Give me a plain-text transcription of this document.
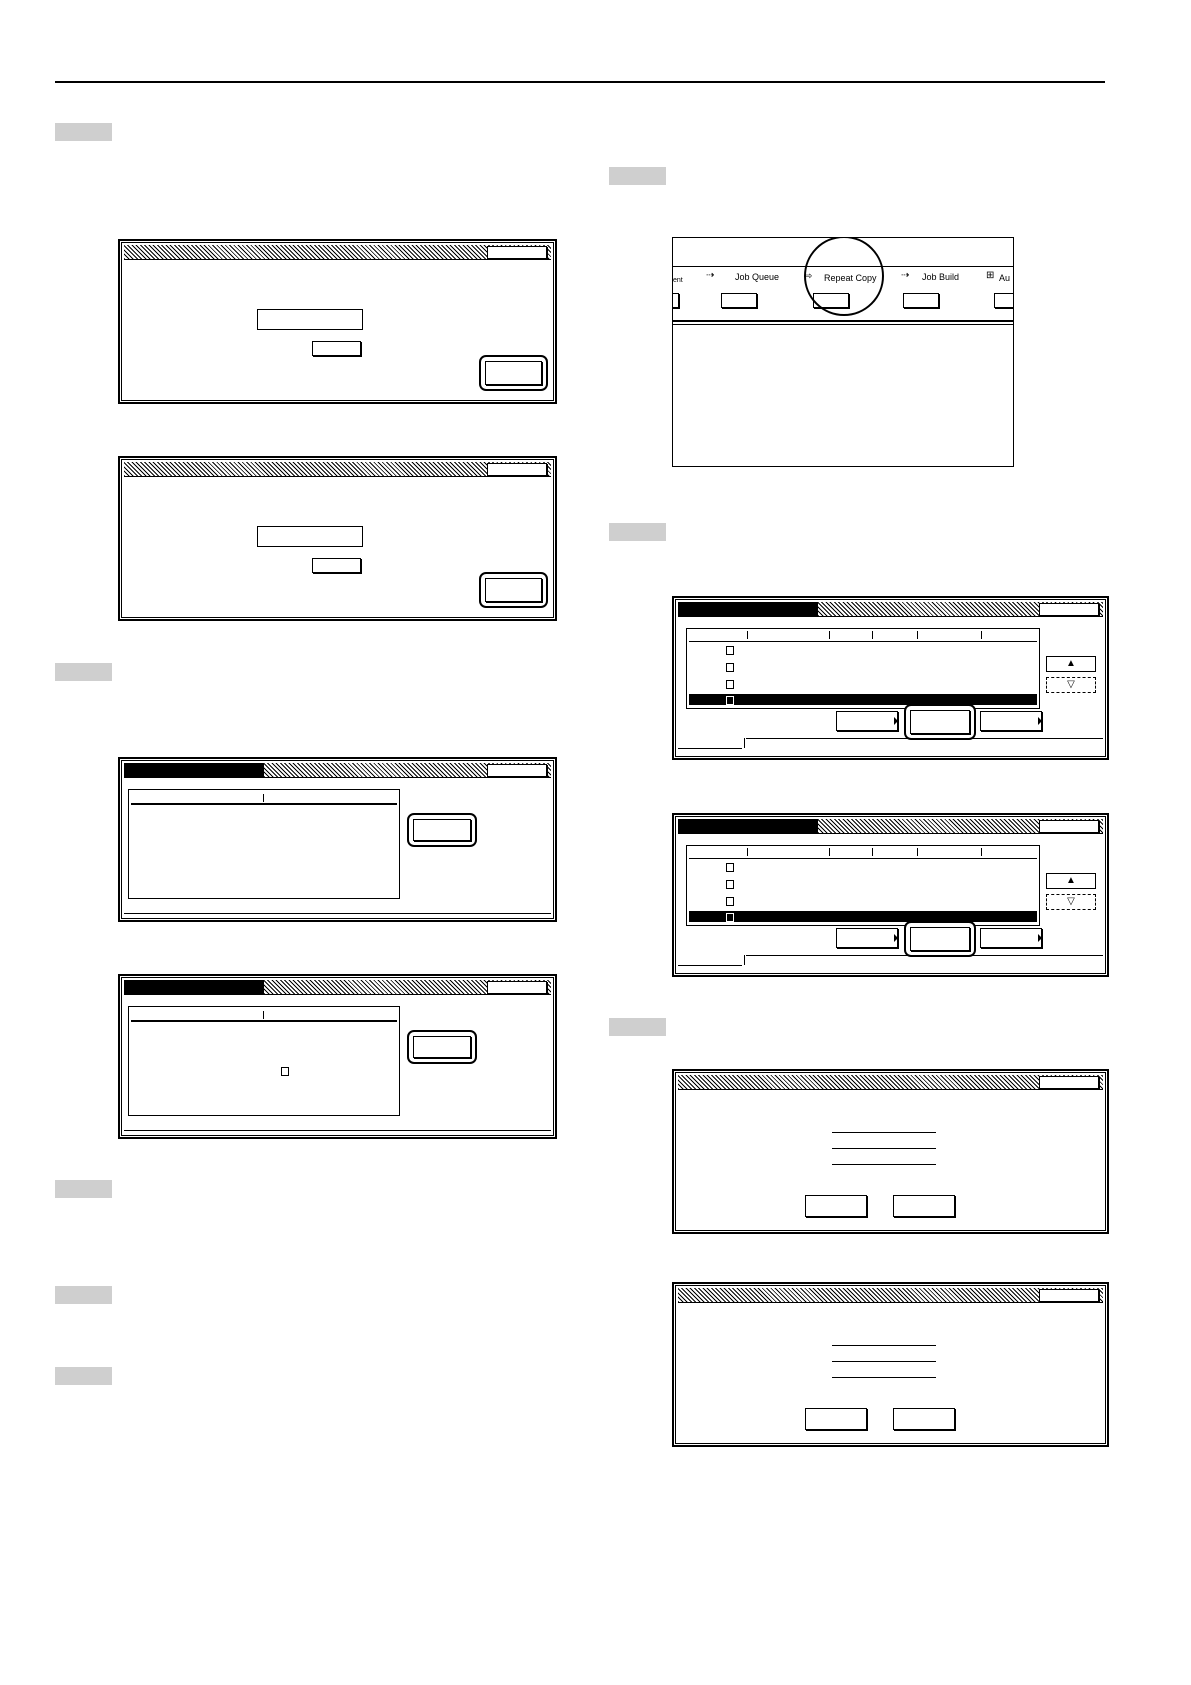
ent ⇢ Job Queue ⇨ Repeat Copy ⇢ Job Build	⊞ Au
▲
▽
▲
▽
